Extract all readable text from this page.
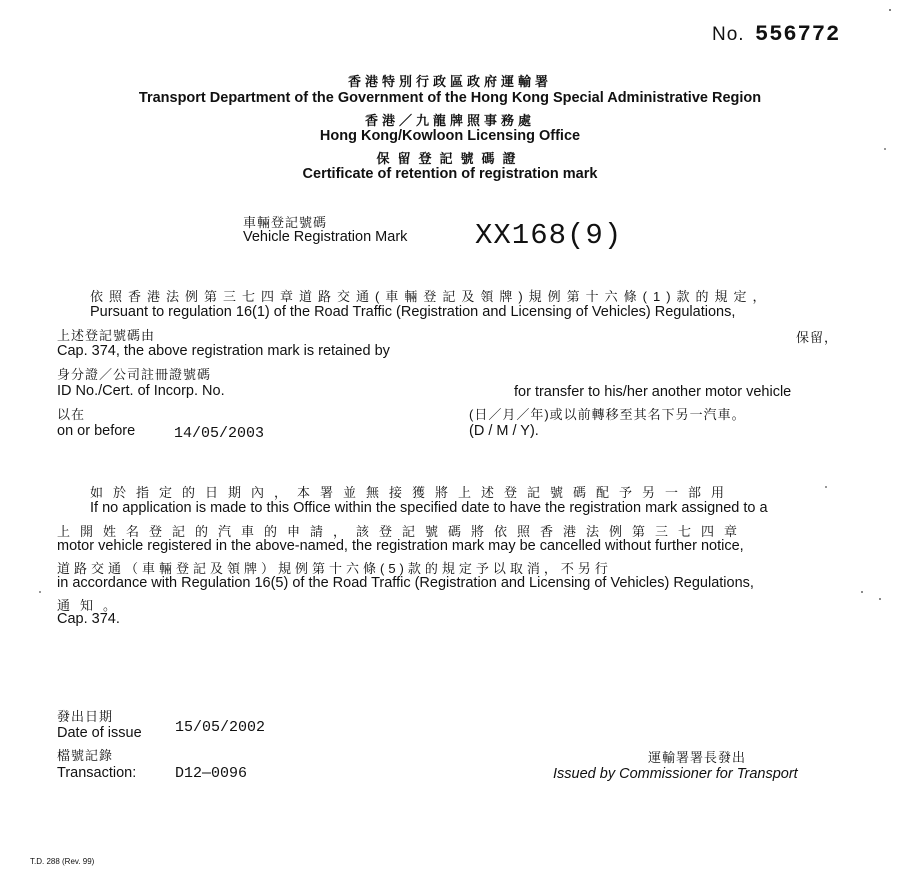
No. 556772
香港特別行政區政府運輸署
Transport Department of the Government of the Hong Kong Special Administrative Region
香港／九龍牌照事務處
Hong Kong/Kowloon Licensing Office
保留登記號碼證
Certificate of retention of registration mark
車輛登記號碼
Vehicle Registration Mark XX168(9)
依照香港法例第三七四章道路交通(車輛登記及領牌)規例第十六條(1)款的規定，
Pursuant to regulation 16(1) of the Road Traffic (Registration and Licensing of Vehicles) Regulations,
上述登記號碼由	保留，
Cap. 374, the above registration mark is retained by
身分證／公司註冊證號碼
ID No./Cert. of Incorp. No.	for transfer to his/her another motor vehicle
(日／月／年)或以前轉移至其名下另一汽車。
以在
on or before	14/05/2003	(D / M / Y).
如於指定的日期內，本署並無接獲將上述登記號碼配予另一部用
If no application is made to this Office within the specified date to have the registration mark assigned to a
上開姓名登記的汽車的申請，該登記號碼將依照香港法例第三七四章
motor vehicle registered in the above-named, the registration mark may be cancelled without further notice,
道路交通（車輛登記及領牌）規例第十六條(5)款的規定予以取消，不另行
in accordance with Regulation 16(5) of the Road Traffic (Registration and Licensing of Vehicles) Regulations,
通知。
Cap. 374.
發出日期
Date of issue 15/05/2002
檔號記錄
Transaction:	D12—0096
運輸署署長發出
Issued by Commissioner for Transport
T.D. 288 (Rev. 99)
